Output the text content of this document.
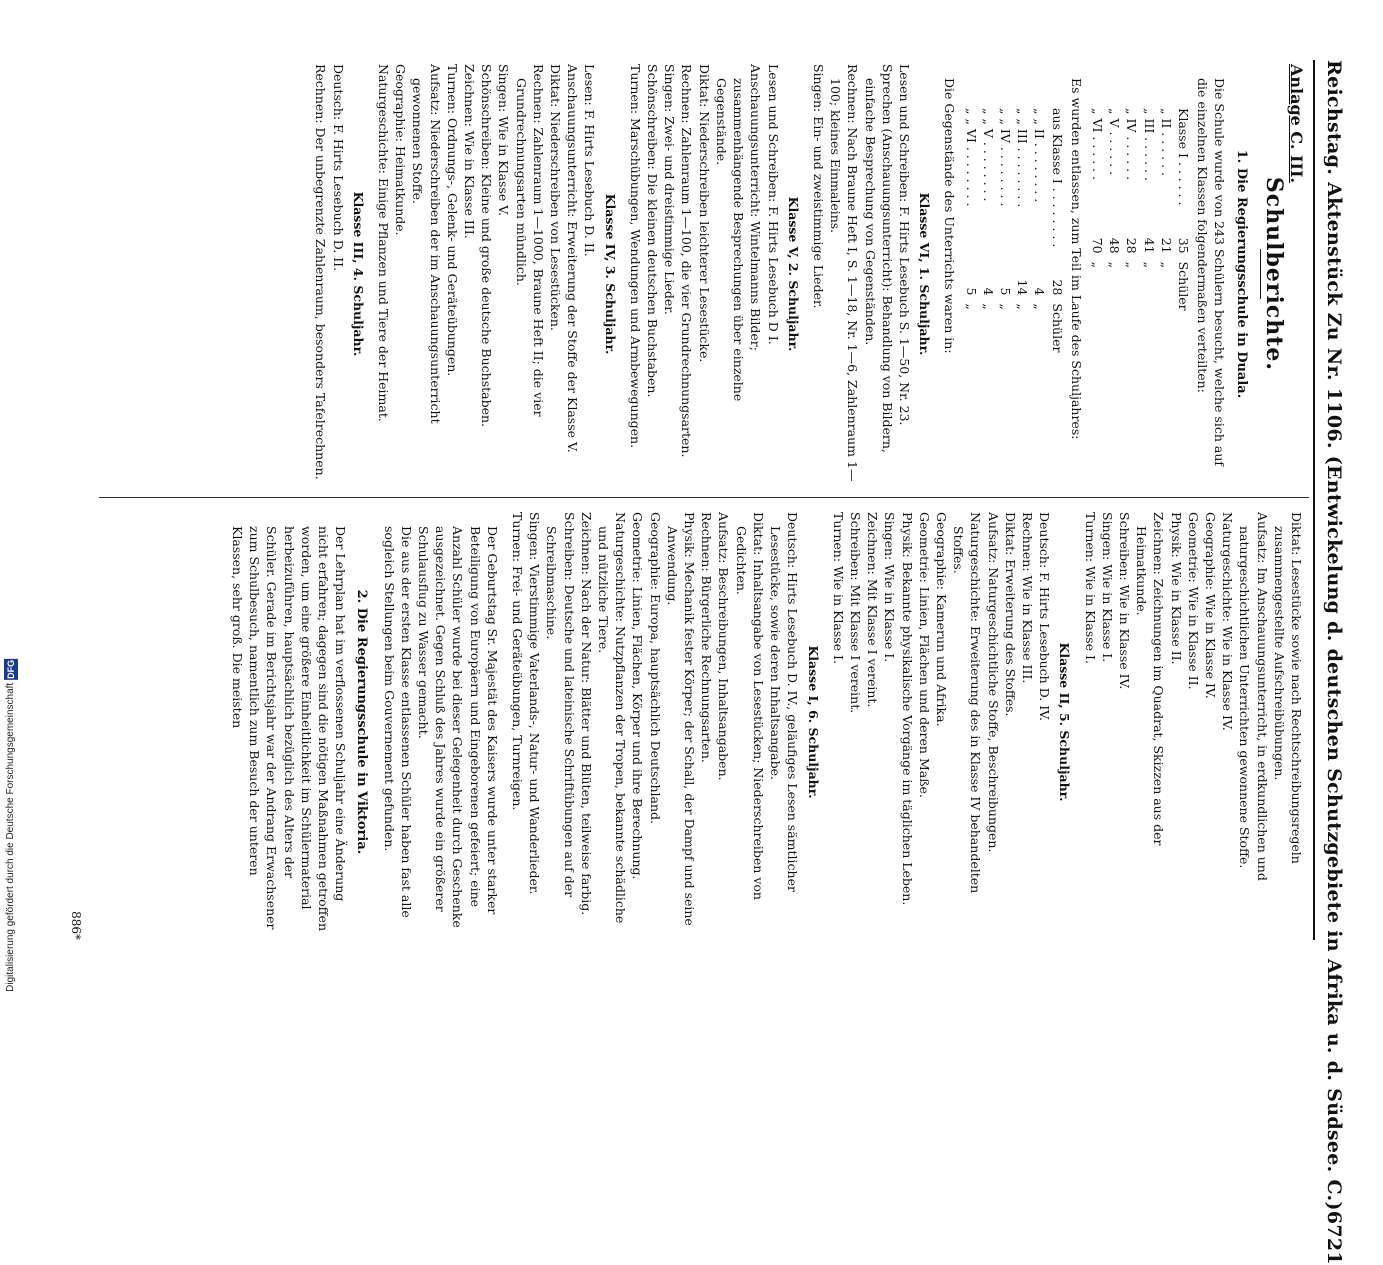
Reichstag. Aktenstück Zu Nr. 1106. (Entwickelung d. deutschen Schutzgebiete in Afrika u. d. Südsee. C.)
6721
Anlage C. III.
Schulberichte.
1. Die Regierungsschule in Duala.

Die Schule wurde von 243 Schülern besucht, welche sich auf die einzelnen Klassen folgendermaßen verteilten:

Klasse I . . . . . .	35	Schüler
„ II . . . . . .	21	„
„ III . . . . . .	41	„
„ IV . . . . . .	28	„
„ V . . . . . .	48	„
„ VI . . . . . .	70	„

Es wurden entlassen, zum Teil im Laufe des Schuljahres:

aus Klasse I . . . . . . . .	28	Schüler
„ „ II . . . . . . . .	4	„
„ „ III . . . . . . . .	14	„
„ „ IV . . . . . . . .	5	„
„ „ V . . . . . . . .	4	„
„ „ VI . . . . . . . .	5	„

Die Gegenstände des Unterrichts waren in:

Klasse VI, 1. Schuljahr.

Lesen und Schreiben: F. Hirts Lesebuch S. 1—50, Nr. 23.

Sprechen (Anschauungsunterricht): Behandlung von Bildern, einfache Besprechung von Gegenständen.

Rechnen: Nach Braune Heft I, S. 1—18, Nr. 1—6, Zahlenraum 1—100; kleines Einmaleins.

Singen: Ein- und zweistimmige Lieder.

Klasse V, 2. Schuljahr.

Lesen und Schreiben: F. Hirts Lesebuch D I.

Anschauungsunterricht: Wintelmanns Bilder; zusammenhängende Besprechungen über einzelne Gegenstände.

Diktat: Niederschreiben leichterer Lesestücke.

Rechnen: Zahlenraum 1—100, die vier Grundrechnungsarten.

Singen: Zwei- und dreistimmige Lieder.

Schönschreiben: Die kleinen deutschen Buchstaben.

Turnen: Marschübungen, Wendungen und Armbewegungen.

Klasse IV, 3. Schuljahr.

Lesen: F. Hirts Lesebuch D. II.

Anschauungsunterricht: Erweiterung der Stoffe der Klasse V.

Diktat: Niederschreiben von Lesestücken.

Rechnen: Zahlenraum 1—1000, Braune Heft II; die vier Grundrechnungsarten mündlich.

Singen: Wie in Klasse V.

Schönschreiben: Kleine und große deutsche Buchstaben.

Zeichnen: Wie in Klasse III.

Turnen: Ordnungs-, Gelenk- und Geräteübungen.

Aufsatz: Niederschreiben der im Anschauungsunterricht gewonnenen Stoffe.

Geographie: Heimatkunde.

Naturgeschichte: Einige Pflanzen und Tiere der Heimat.

Klasse III, 4. Schuljahr.

Deutsch: F. Hirts Lesebuch D. II.

Rechnen: Der unbegrenzte Zahlenraum, besonders Tafelrechnen.

Diktat: Lesestücke sowie nach Rechtschreibungsregeln zusammengestellte Aufschreibübungen.

Aufsatz: Im Anschauungsunterricht, in erdkundlichen und naturgeschichtlichen Unterrichten gewonnene Stoffe.

Naturgeschichte: Wie in Klasse IV.

Geographie: Wie in Klasse IV.

Geometrie: Wie in Klasse II.

Physik: Wie in Klasse II.

Zeichnen: Zeichnungen im Quadrat, Skizzen aus der Heimatkunde.

Schreiben: Wie in Klasse IV.

Singen: Wie in Klasse I.

Turnen: Wie in Klasse I.

Klasse II, 5. Schuljahr.

Deutsch: F. Hirts Lesebuch D. IV.

Rechnen: Wie in Klasse III.

Diktat: Erweiterung des Stoffes.

Aufsatz: Naturgeschichtliche Stoffe, Beschreibungen.

Naturgeschichte: Erweiterung des in Klasse IV behandelten Stoffes.

Geographie: Kamerun und Afrika.

Geometrie: Linien, Flächen und deren Maße.

Physik: Bekannte physikalische Vorgänge im täglichen Leben.

Singen: Wie in Klasse I.

Zeichnen: Mit Klasse I vereint.

Schreiben: Mit Klasse I vereint.

Turnen: Wie in Klasse I.

Klasse I, 6. Schuljahr.

Deutsch: Hirts Lesebuch D. IV., geläufiges Lesen sämtlicher Lesestücke, sowie deren Inhaltsangabe.

Diktat: Inhaltsangabe von Lesestücken; Niederschreiben von Gedichten.

Aufsatz: Beschreibungen, Inhaltsangaben.

Rechnen: Bürgerliche Rechnungsarten.

Physik: Mechanik fester Körper; der Schall, der Dampf und seine Anwendung.

Geographie: Europa, hauptsächlich Deutschland.

Geometrie: Linien, Flächen, Körper und ihre Berechnung.

Naturgeschichte: Nutzpflanzen der Tropen, bekannte schädliche und nützliche Tiere.

Zeichnen: Nach der Natur: Blätter und Blüten, teilweise farbig.

Schreiben: Deutsche und lateinische Schriftübungen auf der Schreibmaschine.

Singen: Vierstimmige Vaterlands-, Natur- und Wanderlieder.

Turnen: Frei- und Geräteübungen, Turnreigen.

Der Geburtstag Sr. Majestät des Kaisers wurde unter starker Beteiligung von Europäern und Eingeborenen gefeiert; eine Anzahl Schüler wurde bei dieser Gelegenheit durch Geschenke ausgezeichnet. Gegen Schluß des Jahres wurde ein größerer Schulausflug zu Wasser gemacht.

Die aus der ersten Klasse entlassenen Schüler haben fast alle sogleich Stellungen beim Gouvernement gefunden.

2. Die Regierungsschule in Viktoria.

Der Lehrplan hat im verflossenen Schuljahr eine Änderung nicht erfahren; dagegen sind die nötigen Maßnahmen getroffen worden, um eine größere Einheitlichkeit im Schülermaterial herbeizuführen, hauptsächlich bezüglich des Alters der Schüler. Gerade im Berichtsjahr war der Andrang Erwachsener zum Schulbesuch, namentlich zum Besuch der unteren Klassen, sehr groß. Die meisten

886*
Digitalisierung gefördert durch die Deutsche Forschungsgemeinschaft DFG
